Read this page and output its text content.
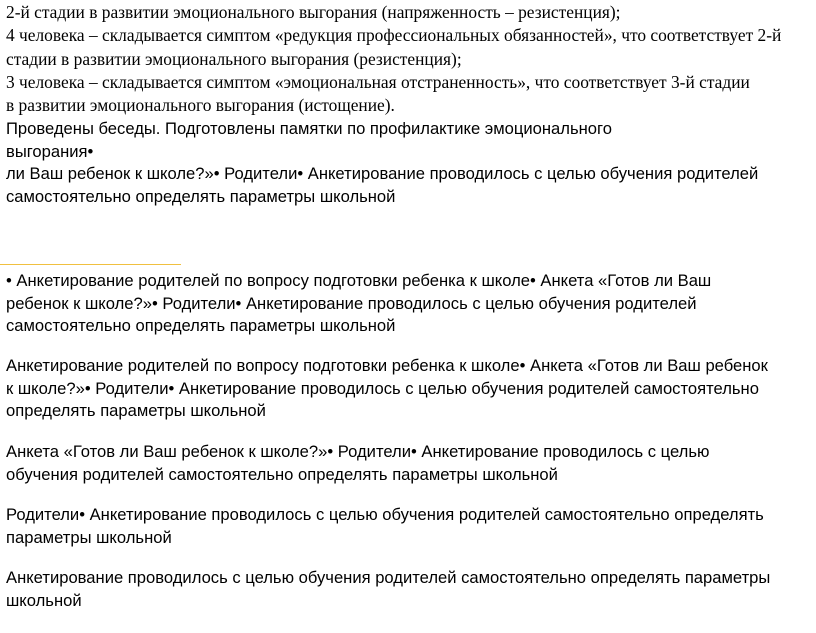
2-й стадии в развитии эмоционального выгорания (напряженность – резистенция);

4 человека – складывается симптом «редукция профессиональных обязанностей», что соответствует 2-й

стадии в развитии эмоционального выгорания (резистенция);

3 человека – складывается симптом «эмоциональная отстраненность», что соответствует 3-й стадии

в развитии эмоционального выгорания (истощение).

Проведены беседы. Подготовлены памятки по профилактике эмоционального
выгорания•
ли Ваш ребенок к школе?»• Родители• Анкетирование проводилось с целью обучения родителей
самостоятельно определять параметры школьной
• Анкетирование родителей по вопросу подготовки ребенка к школе• Анкета «Готов ли Ваш
ребенок к школе?»• Родители• Анкетирование проводилось с целью обучения родителей
самостоятельно определять параметры школьной
Анкетирование родителей по вопросу подготовки ребенка к школе• Анкета «Готов ли Ваш ребенок
к школе?»• Родители• Анкетирование проводилось с целью обучения родителей самостоятельно
определять параметры школьной
Анкета «Готов ли Ваш ребенок к школе?»• Родители• Анкетирование проводилось с целью
обучения родителей самостоятельно определять параметры школьной
Родители• Анкетирование проводилось с целью обучения родителей самостоятельно определять
параметры школьной
Анкетирование проводилось с целью обучения родителей самостоятельно определять параметры
школьной
